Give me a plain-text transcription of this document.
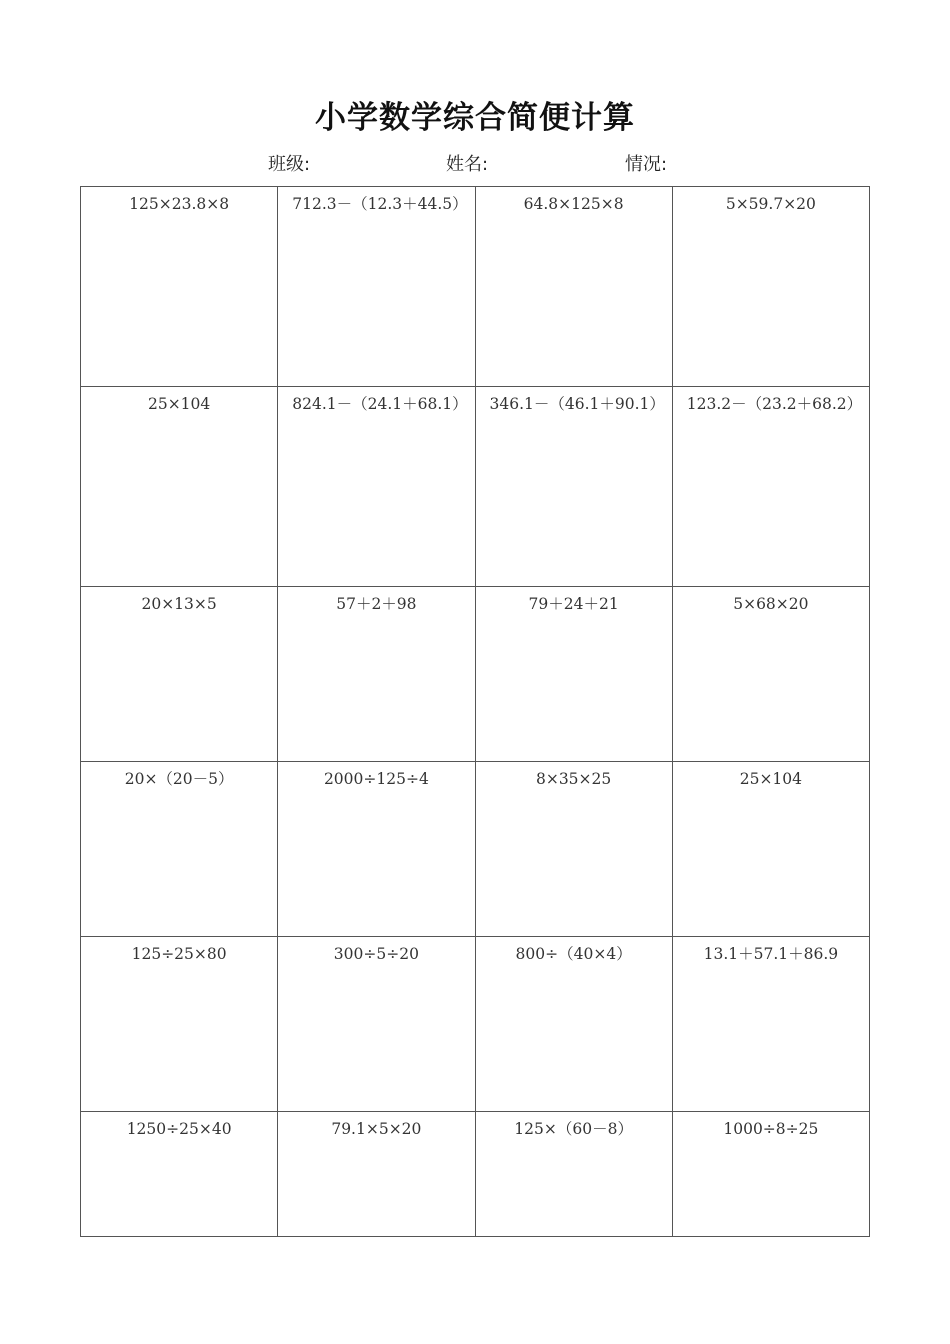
小学数学综合简便计算
班级:	姓名:	情况:
125×23.8×8	712.3－（12.3＋44.5）	64.8×125×8	5×59.7×20
25×104	824.1－（24.1＋68.1）	346.1－（46.1＋90.1）	123.2－（23.2＋68.2）
20×13×5	57＋2＋98	79＋24＋21	5×68×20
20×（20－5）	2000÷125÷4	8×35×25	25×104
125÷25×80	300÷5÷20	800÷（40×4）	13.1＋57.1＋86.9
1250÷25×40	79.1×5×20	125×（60－8）	1000÷8÷25
